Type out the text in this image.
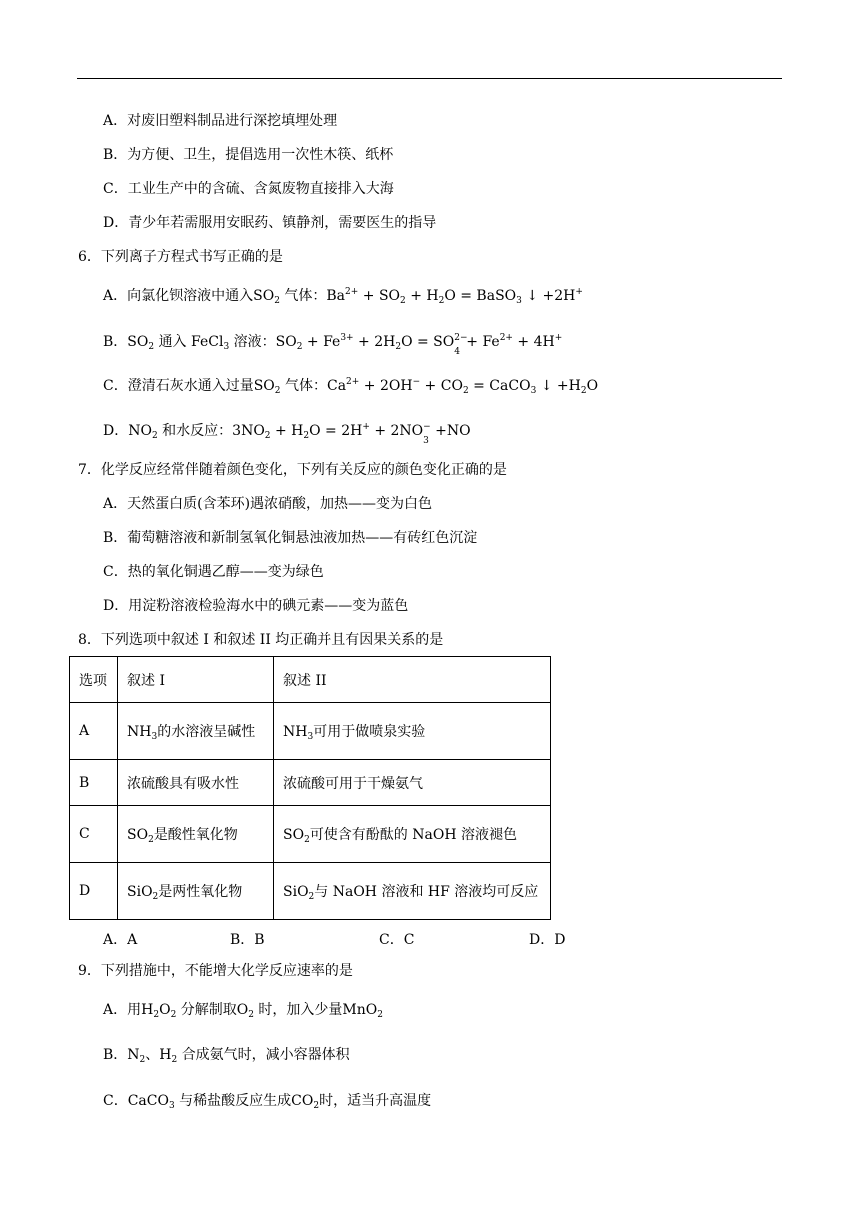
A．对废旧塑料制品进行深挖填埋处理
B．为方便、卫生，提倡选用一次性木筷、纸杯
C．工业生产中的含硫、含氮废物直接排入大海
D．青少年若需服用安眠药、镇静剂，需要医生的指导
6．下列离子方程式书写正确的是
A．向氯化钡溶液中通入$SO_2$ 气体：$Ba^{2+} + SO_2 + H_2O$ = BaSO$_3$ ↓ +2H+
B．$SO_2$ 通入 FeCl$_3$ 溶液：$SO_2 + Fe^{3+} + 2H_2O$ = SO 2−
4
+ $Fe^{2+} + 4H^+$
C．澄清石灰水通入过量$SO_2$ 气体：$Ca^{2+} + 2OH^- + CO_2$ = CaCO$_3$ ↓ $+H_2O$
D．$NO_2$ 和水反应：$3NO_2 + H_2O = 2H^+ + 2NO$ −
3
+NO
7．化学反应经常伴随着颜色变化，下列有关反应的颜色变化正确的是
A．天然蛋白质(含苯环)遇浓硝酸，加热——变为白色
B．葡萄糖溶液和新制氢氧化铜悬浊液加热——有砖红色沉淀
C．热的氧化铜遇乙醇——变为绿色
D．用淀粉溶液检验海水中的碘元素——变为蓝色
8．下列选项中叙述 I 和叙述 II 均正确并且有因果关系的是
选项	叙述 I	叙述 II
A	$NH_3$的水溶液呈碱性	$NH_3$可用于做喷泉实验
B	浓硫酸具有吸水性	浓硫酸可用于干燥氨气
C	$SO_2$是酸性氧化物	$SO_2$可使含有酚酞的 NaOH 溶液褪色
D	SiO$_2$是两性氧化物	SiO$_2$与 NaOH 溶液和 HF 溶液均可反应
A．A	B．B	C．C	D．D
9．下列措施中，不能增大化学反应速率的是
A．用$H_2O_2$ 分解制取$O_2$ 时，加入少量MnO$_2$
B．$N_2$、$H_2$ 合成氨气时，减小容器体积
C．CaCO$_3$ 与稀盐酸反应生成$CO_2$时，适当升高温度
